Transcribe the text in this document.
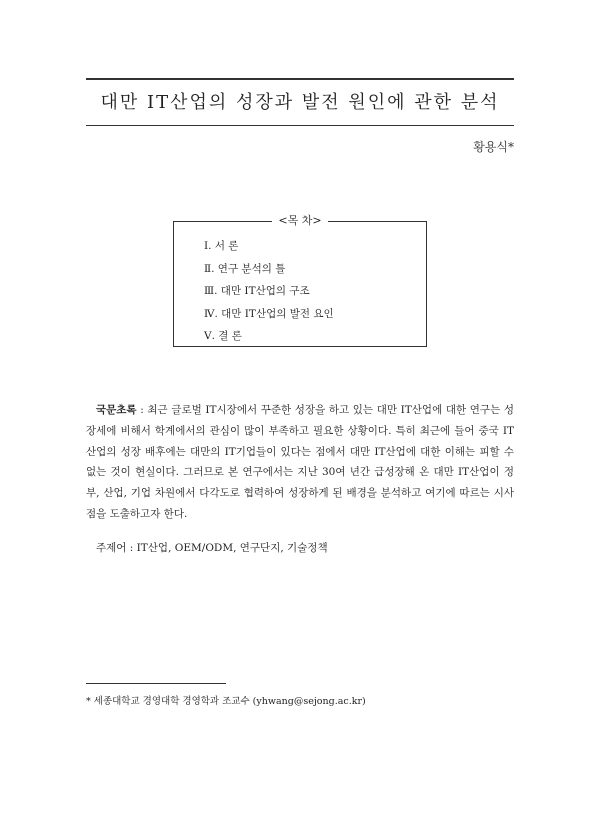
대만 IT산업의 성장과 발전 원인에 관한 분석
황용식*
<목 차>
Ⅰ. 서 론
Ⅱ. 연구 분석의 틀
Ⅲ. 대만 IT산업의 구조
Ⅳ. 대만 IT산업의 발전 요인
Ⅴ. 결 론
국문초록 : 최근 글로벌 IT시장에서 꾸준한 성장을 하고 있는 대만 IT산업에 대한 연구는 성장세에 비해서 학계에서의 관심이 많이 부족하고 필요한 상황이다. 특히 최근에 들어 중국 IT산업의 성장 배후에는 대만의 IT기업들이 있다는 점에서 대만 IT산업에 대한 이해는 피할 수 없는 것이 현실이다. 그러므로 본 연구에서는 지난 30여 년간 급성장해 온 대만 IT산업이 정부, 산업, 기업 차원에서 다각도로 협력하여 성장하게 된 배경을 분석하고 여기에 따르는 시사점을 도출하고자 한다.
주제어 : IT산업, OEM/ODM, 연구단지, 기술정책
* 세종대학교 경영대학 경영학과 조교수 (yhwang@sejong.ac.kr)
